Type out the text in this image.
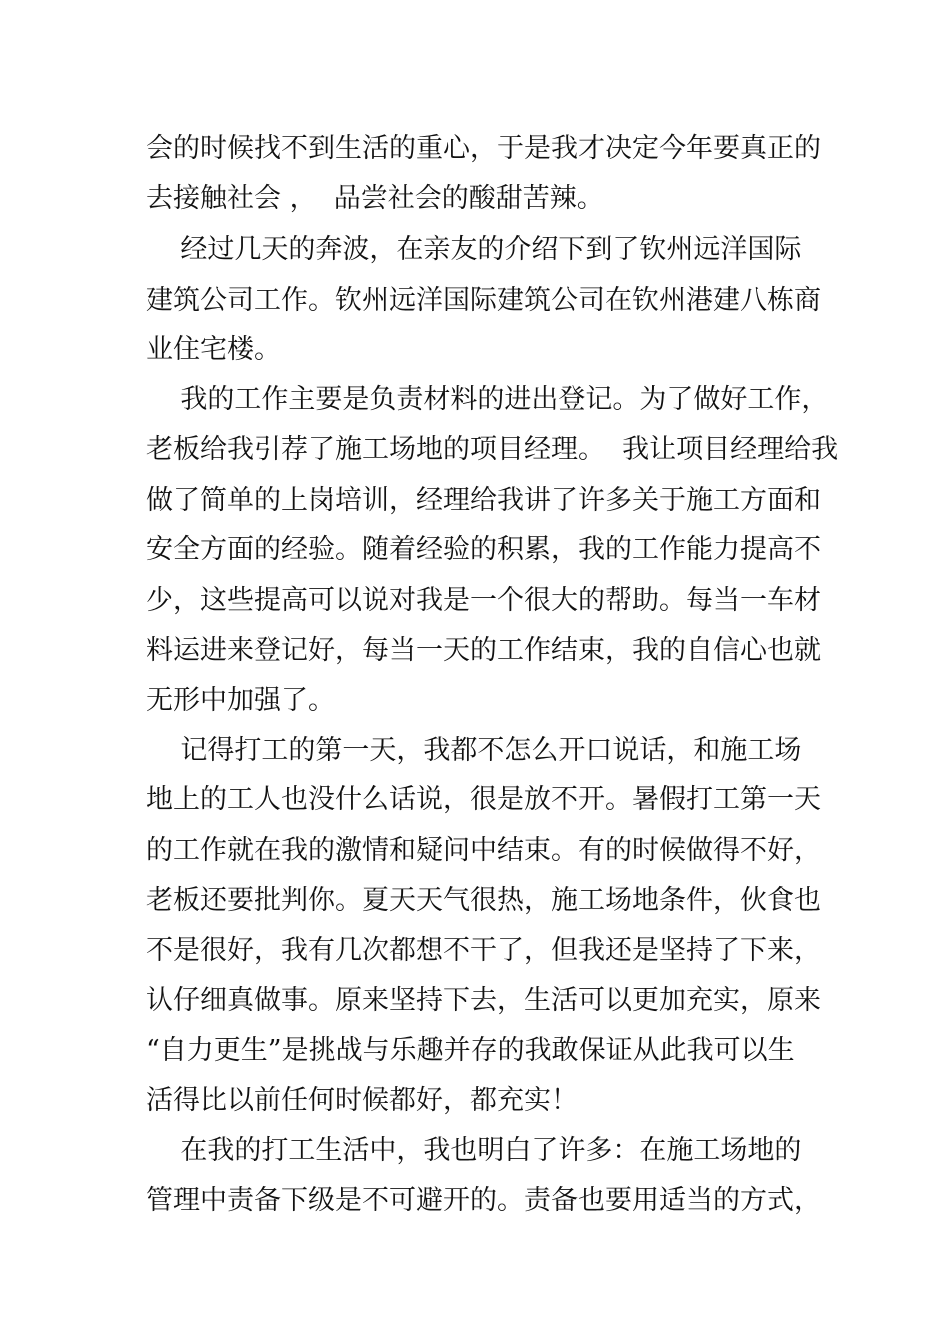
会的时候找不到生活的重心，于是我才决定今年要真正的
去接触社会 ，  品尝社会的酸甜苦辣。
经过几天的奔波，在亲友的介绍下到了钦州远洋国际
建筑公司工作。钦州远洋国际建筑公司在钦州港建八栋商
业住宅楼。
我的工作主要是负责材料的进出登记。为了做好工作，
老板给我引荐了施工场地的项目经理。  我让项目经理给我
做了简单的上岗培训，经理给我讲了许多关于施工方面和
安全方面的经验。随着经验的积累，我的工作能力提高不
少，这些提高可以说对我是一个很大的帮助。每当一车材
料运进来登记好，每当一天的工作结束，我的自信心也就
无形中加强了。
记得打工的第一天，我都不怎么开口说话，和施工场
地上的工人也没什么话说，很是放不开。暑假打工第一天
的工作就在我的激情和疑问中结束。有的时候做得不好，
老板还要批判你。夏天天气很热，施工场地条件，伙食也
不是很好，我有几次都想不干了，但我还是坚持了下来，
认仔细真做事。原来坚持下去，生活可以更加充实，原来
“自力更生”是挑战与乐趣并存的我敢保证从此我可以生
活得比以前任何时候都好，都充实！
在我的打工生活中，我也明白了许多：在施工场地的
管理中责备下级是不可避开的。责备也要用适当的方式，
